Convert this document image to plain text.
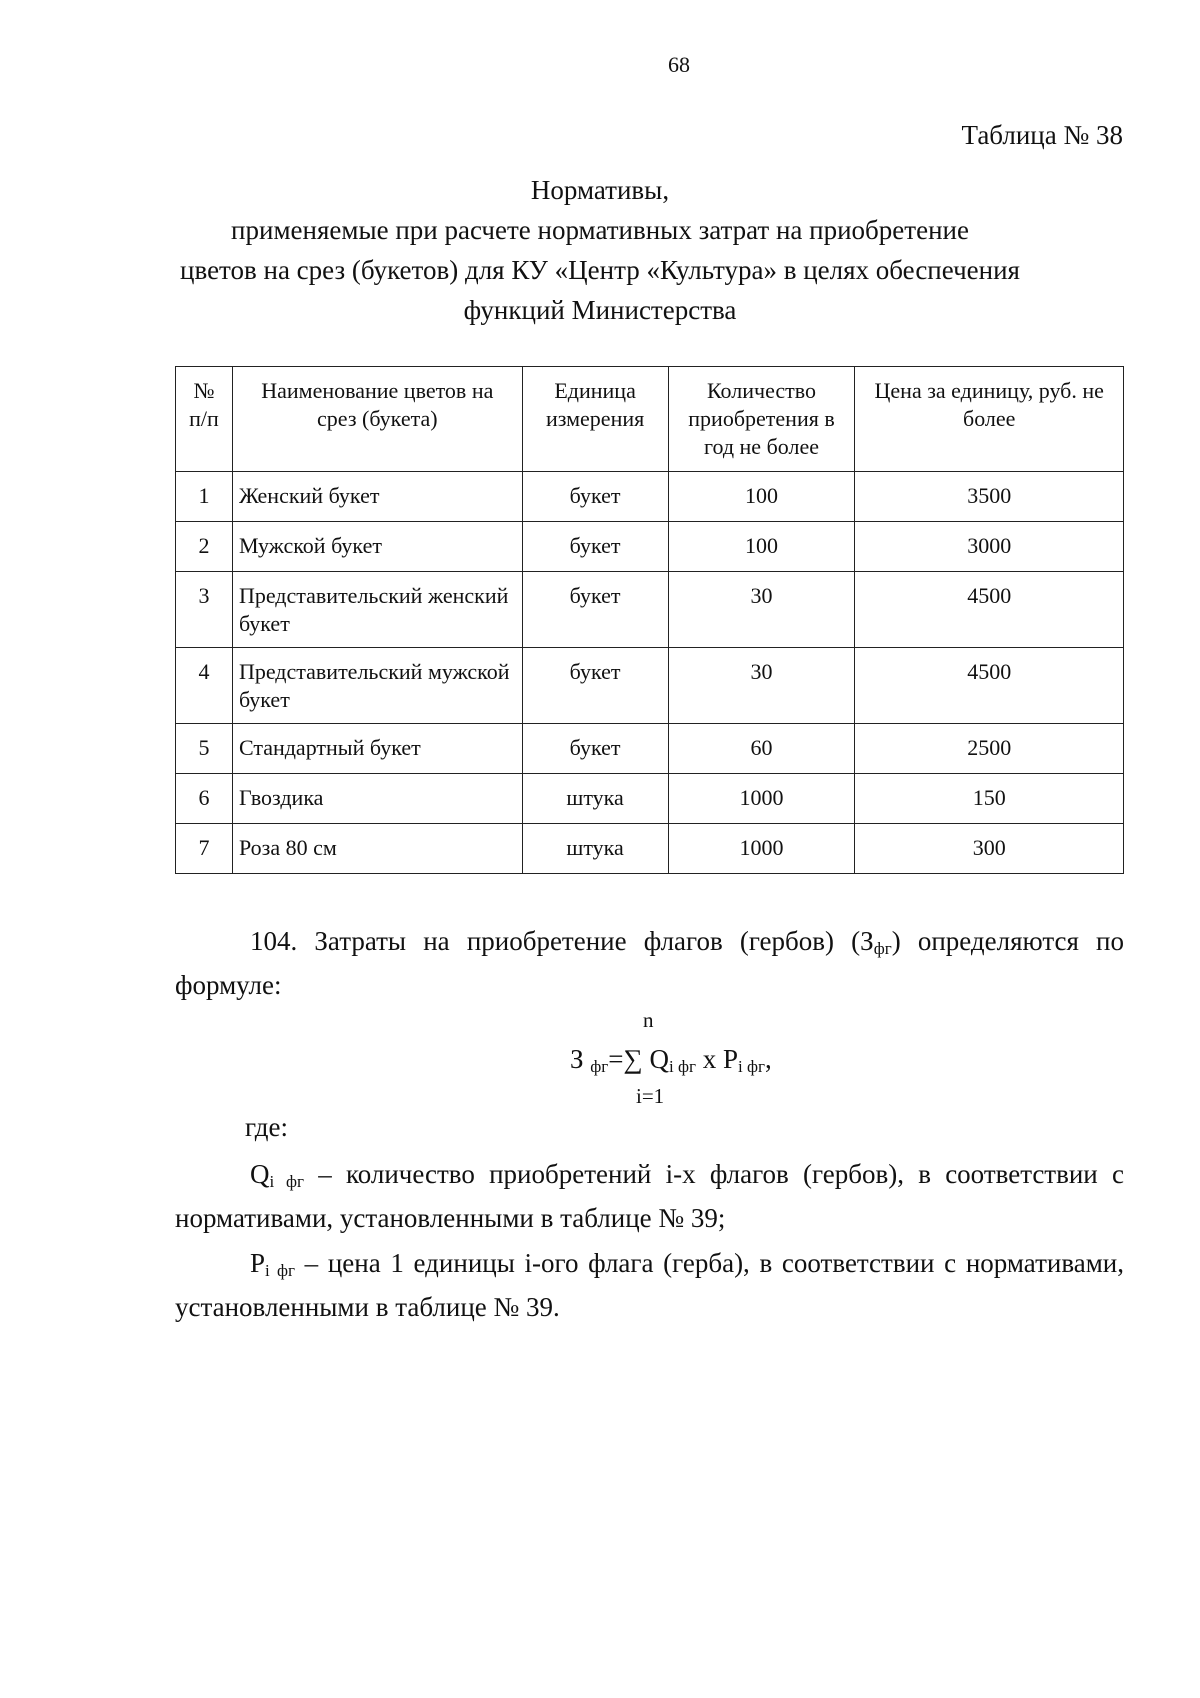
68
Таблица № 38
Нормативы,
применяемые при расчете нормативных затрат на приобретение
цветов на срез (букетов) для КУ «Центр «Культура» в целях обеспечения
функций Министерства
№ п/п	Наименование цветов на срез (букета)	Единица измерения	Количество приобретения в год не более	Цена за единицу, руб. не более
1	Женский букет	букет	100	3500
2	Мужской букет	букет	100	3000
3	Представительский женский букет	букет	30	4500
4	Представительский мужской букет	букет	30	4500
5	Стандартный букет	букет	60	2500
6	Гвоздика	штука	1000	150
7	Роза 80 см	штука	1000	300
104. Затраты на приобретение флагов (гербов) $(З_{фг})$ определяются по формуле:
n
З $_{фг}$=∑ $Q_{i фг}$ x $P_{i фг}$,
i=1
где:
$Q_{i фг}$ – количество приобретений i-х флагов (гербов), в соответствии с нормативами, установленными в таблице № 39;
$P_{i фг}$ – цена 1 единицы i-ого флага (герба), в соответствии с нормативами, установленными в таблице № 39.
